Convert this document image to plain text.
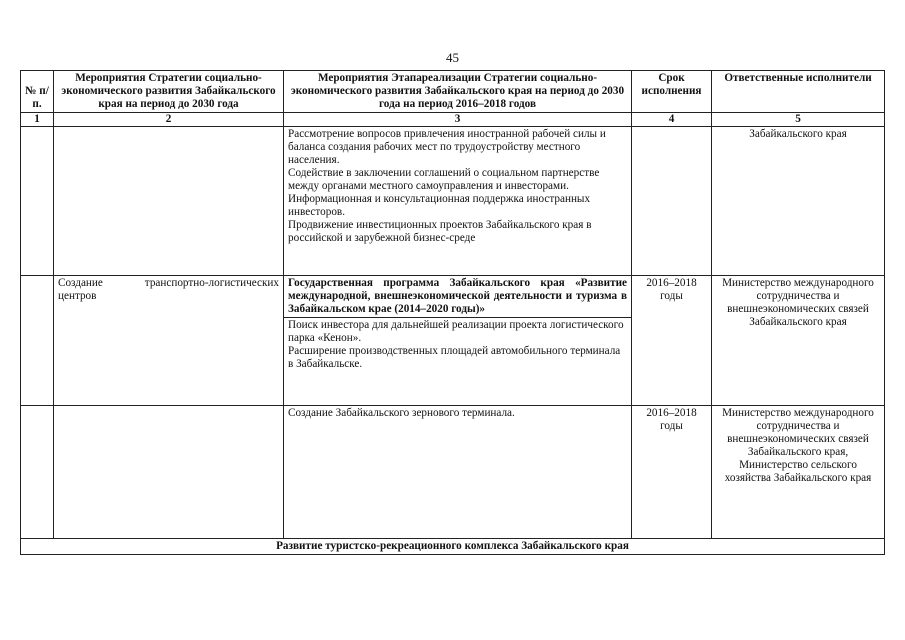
45
№ п/п.	Мероприятия Стратегии социально-экономического развития Забайкальского края на период до 2030 года	Мероприятия Этапареализации Стратегии социально-экономического развития Забайкальского края на период до 2030 года на период 2016–2018 годов	Срок исполнения	Ответственные исполнители
1	2	3	4	5

		Рассмотрение вопросов привлечения иностранной рабочей силы и баланса создания рабочих мест по трудоустройству местного населения.
Содействие в заключении соглашений о социальном партнерстве между органами местного самоуправления и инвесторами.
Информационная и консультационная поддержка иностранных инвесторов.
Продвижение инвестиционных проектов Забайкальского края в российской и зарубежной бизнес-среде		Забайкальского края
	Создание транспортно-логистических центров	Государственная программа Забайкальского края «Развитие международной, внешнеэкономической деятельности и туризма в Забайкальском крае (2014–2020 годы)»
Поиск инвестора для дальнейшей реализации проекта логистического парка «Кенон».
Расширение производственных площадей автомобильного терминала в Забайкальске.	2016–2018 годы	Министерство международного сотрудничества и внешнеэкономических связей Забайкальского края
		Создание Забайкальского зернового терминала.	2016–2018 годы	Министерство международного сотрудничества и внешнеэкономических связей Забайкальского края, Министерство сельского хозяйства Забайкальского края
Развитие туристско-рекреационного комплекса Забайкальского края				
